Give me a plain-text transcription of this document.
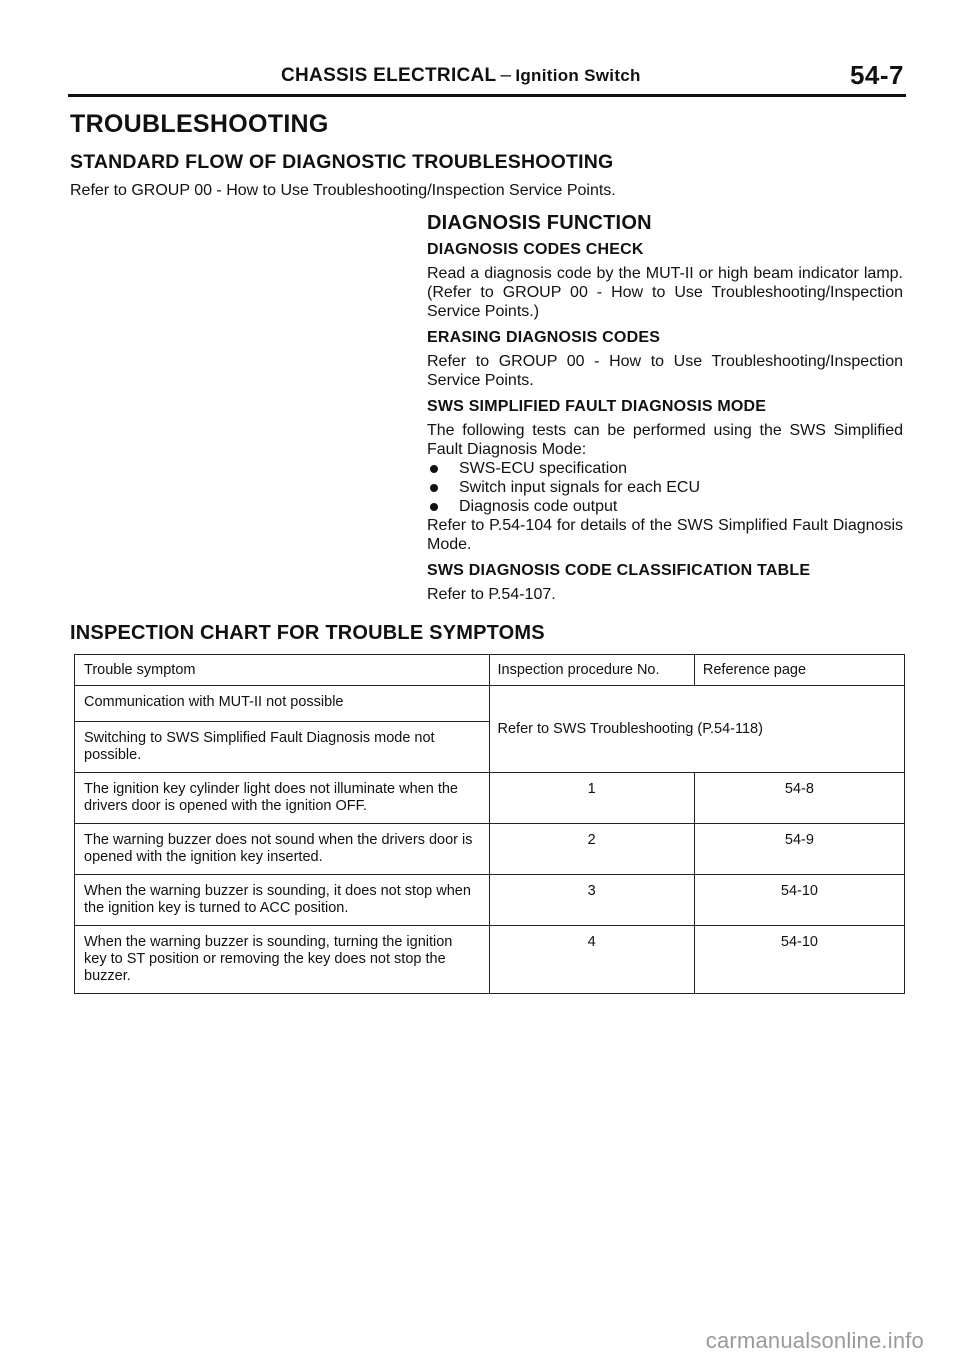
CHASSIS ELECTRICAL – Ignition Switch	54-7
TROUBLESHOOTING
STANDARD FLOW OF DIAGNOSTIC TROUBLESHOOTING
Refer to GROUP 00 - How to Use Troubleshooting/Inspection Service Points.
DIAGNOSIS FUNCTION
DIAGNOSIS CODES CHECK
Read a diagnosis code by the MUT-II or high beam indicator lamp. (Refer to GROUP 00 - How to Use Troubleshooting/Inspection Service Points.)
ERASING DIAGNOSIS CODES
Refer to GROUP 00 - How to Use Troubleshooting/Inspection Service Points.
SWS SIMPLIFIED FAULT DIAGNOSIS MODE
The following tests can be performed using the SWS Simplified Fault Diagnosis Mode:
SWS-ECU specification
Switch input signals for each ECU
Diagnosis code output
Refer to P.54-104 for details of the SWS Simplified Fault Diagnosis Mode.
SWS DIAGNOSIS CODE CLASSIFICATION TABLE
Refer to P.54-107.
INSPECTION CHART FOR TROUBLE SYMPTOMS
Trouble symptom	Inspection procedure No.	Reference page
Communication with MUT-II not possible	Refer to SWS Troubleshooting (P.54-118)	
Switching to SWS Simplified Fault Diagnosis mode not possible.		
The ignition key cylinder light does not illuminate when the drivers door is opened with the ignition OFF.	1	54-8
The warning buzzer does not sound when the drivers door is opened with the ignition key inserted.	2	54-9
When the warning buzzer is sounding, it does not stop when the ignition key is turned to ACC position.	3	54-10
When the warning buzzer is sounding, turning the ignition key to ST position or removing the key does not stop the buzzer.	4	54-10
carmanualsonline.info
